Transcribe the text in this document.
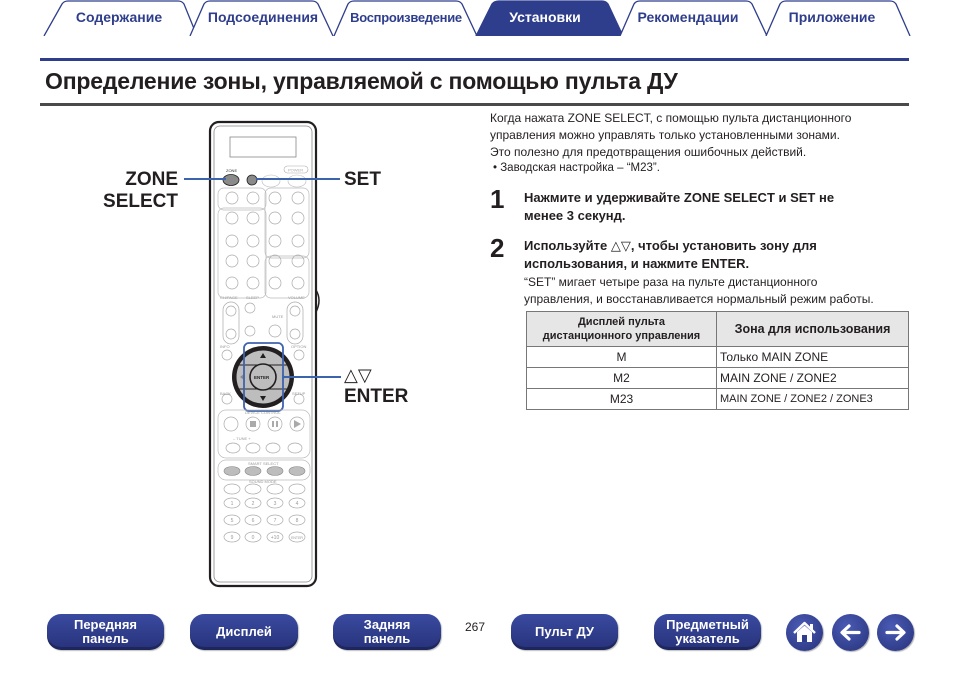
Содержание	Подсоединения	Воспроизведение	Установки	Рекомендации	Приложение
Определение зоны, управляемой с помощью пульта ДУ
ZONE	POWER
CH/PAGE SLEEP	VOLUME
MUTE
INFO	OPTION
BACK	SETUP
ENTER
DEVICE CONTROL
– TUNE +
SMART SELECT
SOUND MODE
1	2	3	4
5	6	7	8
9	0	+10	ENTER
ZONE
SELECT
SET
△▽
ENTER
Когда нажата ZONE SELECT, с помощью пульта дистанционного
управления можно управлять только установленными зонами.
Это полезно для предотвращения ошибочных действий.
• Заводская настройка – “M23”.
1 Нажмите и удерживайте ZONE SELECT и SET не
менее 3 секунд.
2 Используйте △▽, чтобы установить зону для
использования, и нажмите ENTER.
“SET” мигает четыре раза на пульте дистанционного
управления, и восстанавливается нормальный режим работы.
Дисплей пульта
дистанционного управления	Зона для использования
M	Только MAIN ZONE
M2	MAIN ZONE / ZONE2
M23	MAIN ZONE / ZONE2 / ZONE3
Передняя
панель	Дисплей	Задняя
панель
267	Пульт ДУ	Предметный
указатель
